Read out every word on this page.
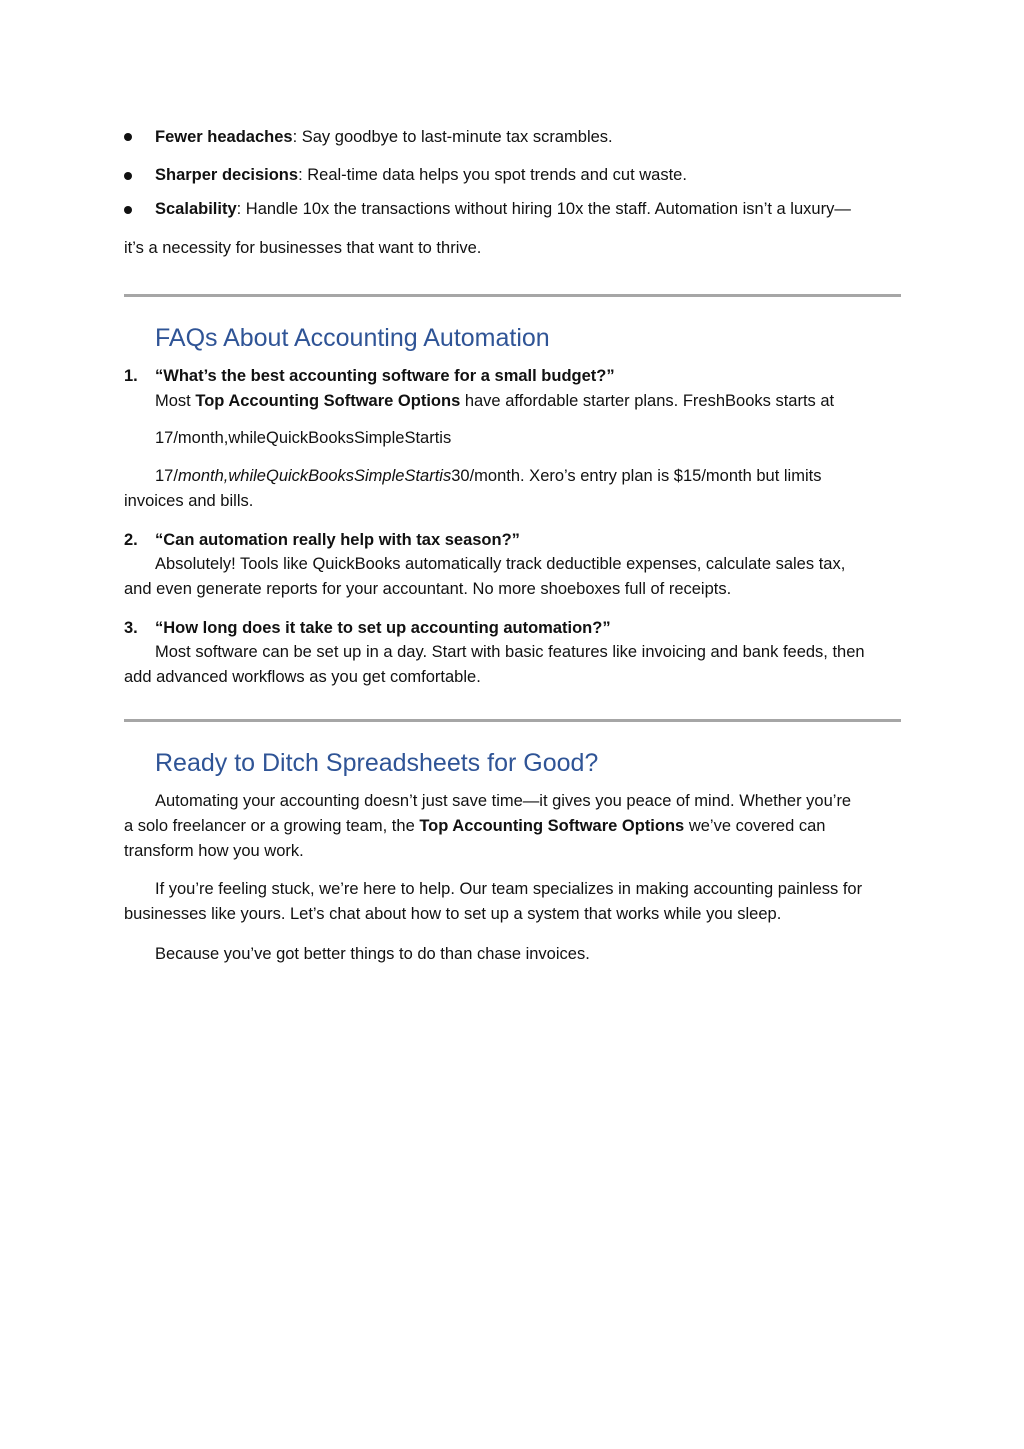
Fewer headaches: Say goodbye to last-minute tax scrambles.
Sharper decisions: Real-time data helps you spot trends and cut waste.
Scalability: Handle 10x the transactions without hiring 10x the staff. Automation isn’t a luxury—
it’s a necessity for businesses that want to thrive.
FAQs About Accounting Automation
1. “What’s the best accounting software for a small budget?”
Most Top Accounting Software Options have affordable starter plans. FreshBooks starts at
17/month,whileQuickBooksSimpleStartis
17/month,whileQuickBooksSimpleStartis30/month. Xero’s entry plan is $15/month but limits
invoices and bills.
2. “Can automation really help with tax season?”
Absolutely! Tools like QuickBooks automatically track deductible expenses, calculate sales tax,
and even generate reports for your accountant. No more shoeboxes full of receipts.
3. “How long does it take to set up accounting automation?”
Most software can be set up in a day. Start with basic features like invoicing and bank feeds, then
add advanced workflows as you get comfortable.
Ready to Ditch Spreadsheets for Good?
Automating your accounting doesn’t just save time—it gives you peace of mind. Whether you’re
a solo freelancer or a growing team, the Top Accounting Software Options we’ve covered can
transform how you work.
If you’re feeling stuck, we’re here to help. Our team specializes in making accounting painless for
businesses like yours. Let’s chat about how to set up a system that works while you sleep.
Because you’ve got better things to do than chase invoices.
